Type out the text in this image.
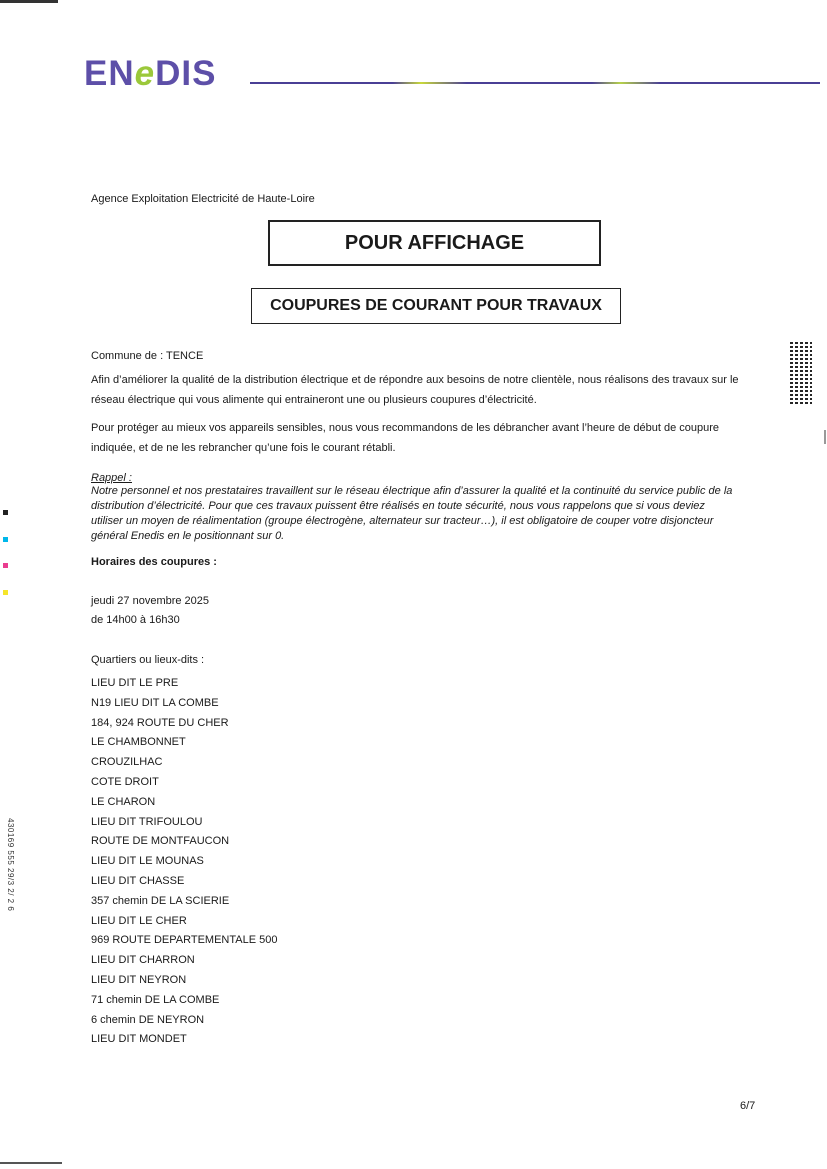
ENeDIS
Agence Exploitation Electricité de Haute-Loire
POUR AFFICHAGE
COUPURES DE COURANT POUR TRAVAUX
Commune de : TENCE
Afin d’améliorer la qualité de la distribution électrique et de répondre aux besoins de notre clientèle, nous réalisons des travaux sur le réseau électrique qui vous alimente qui entraineront une ou plusieurs coupures d’électricité.
Pour protéger au mieux vos appareils sensibles, nous vous recommandons de les débrancher avant l’heure de début de coupure indiquée, et de ne les rebrancher qu’une fois le courant rétabli.
Rappel :
Notre personnel et nos prestataires travaillent sur le réseau électrique afin d’assurer la qualité et la continuité du service public de la distribution d’électricité. Pour que ces travaux puissent être réalisés en toute sécurité, nous vous rappelons que si vous deviez utiliser un moyen de réalimentation (groupe électrogène, alternateur sur tracteur…), il est obligatoire de couper votre disjoncteur général Enedis en le positionnant sur 0.
Horaires des coupures :
jeudi 27 novembre 2025
de 14h00 à 16h30
Quartiers ou lieux-dits :
LIEU DIT LE PRE
N19 LIEU DIT LA COMBE
184, 924 ROUTE DU CHER
LE CHAMBONNET
CROUZILHAC
COTE DROIT
LE CHARON
LIEU DIT TRIFOULOU
ROUTE DE MONTFAUCON
LIEU DIT LE MOUNAS
LIEU DIT CHASSE
357 chemin DE LA SCIERIE
LIEU DIT LE CHER
969 ROUTE DEPARTEMENTALE 500
LIEU DIT CHARRON
LIEU DIT NEYRON
71 chemin DE LA COMBE
6 chemin DE NEYRON
LIEU DIT MONDET
430169 555 29/3 2/ 2 6
6/7
